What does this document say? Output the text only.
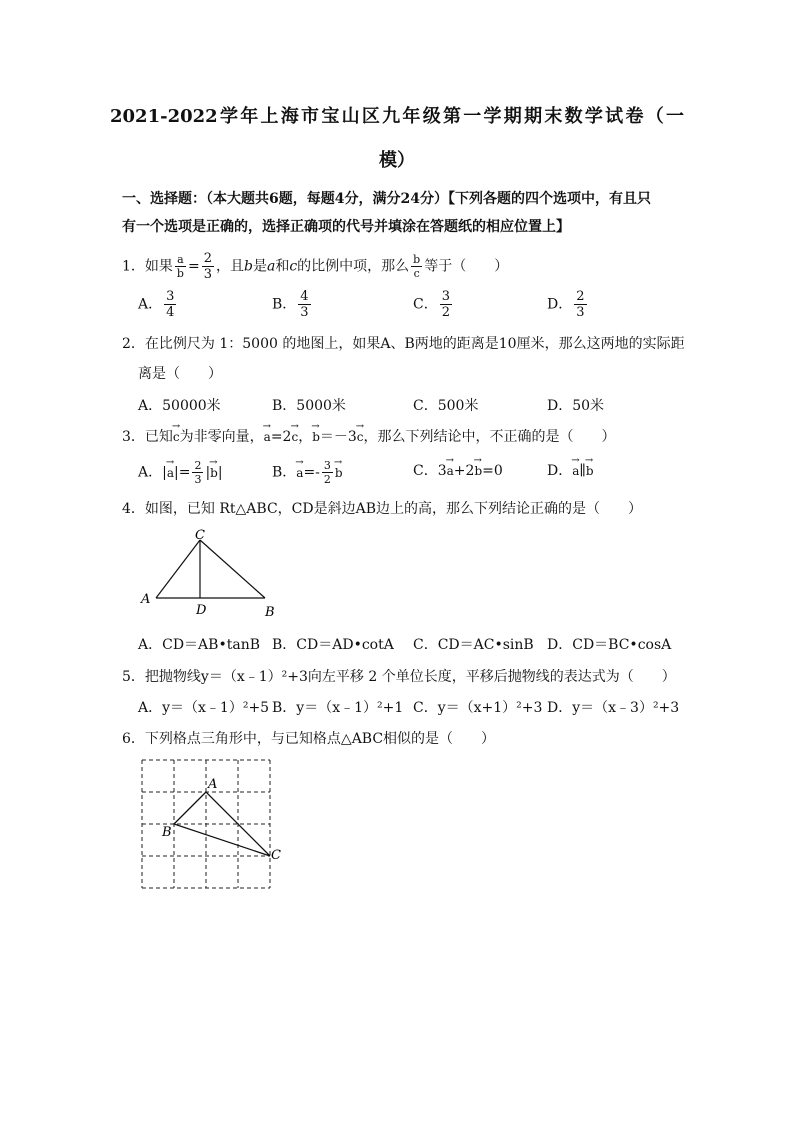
2021-2022学年上海市宝山区九年级第一学期期末数学试卷（一
模）
一、选择题：（本大题共6题，每题4分，满分24分）【下列各题的四个选项中，有且只
有一个选项是正确的，选择正确项的代号并填涂在答题纸的相应位置上】
1．如果 $\frac{a}{b} = \frac{2}{3}$ ，且b是a和c的比例中项，那么 $\frac{b}{c}$ 等于（　　）
A． $\frac{3}{4}$	B． $\frac{4}{3}$	C． $\frac{3}{2}$	D． $\frac{2}{3}$
2．在比例尺为 1：5000 的地图上，如果A、B两地的距离是10厘米，那么这两地的实际距
离是（　　）
A．50000米	B．5000米	C．500米	D．50米
3．已知→ c为非零向量，→ a=2→ c，→ b＝－3→ c，那么下列结论中，不正确的是（　　）
A．|→ $a|= \frac{2}{3}$ |→ b|	B．→ $a=- \frac{3}{2}$
→ b	C．3→ a+2→ b=0	D．→ a∥→ b
4．如图，已知 Rt△ABC，CD是斜边AB边上的高，那么下列结论正确的是（　　）
C
A
D	B
A．CD＝AB•tanB B．CD＝AD•cotA C．CD＝AC•sinB D．CD＝BC•cosA
5．把抛物线y＝（x﹣1）²+3向左平移 2 个单位长度，平移后抛物线的表达式为（　　）
A．y＝（x﹣1）²+5 B．y＝（x﹣1）²+1 C．y＝（x+1）²+3 D．y＝（x﹣3）²+3
6．下列格点三角形中，与已知格点△ABC相似的是（　　）
A
B
C
